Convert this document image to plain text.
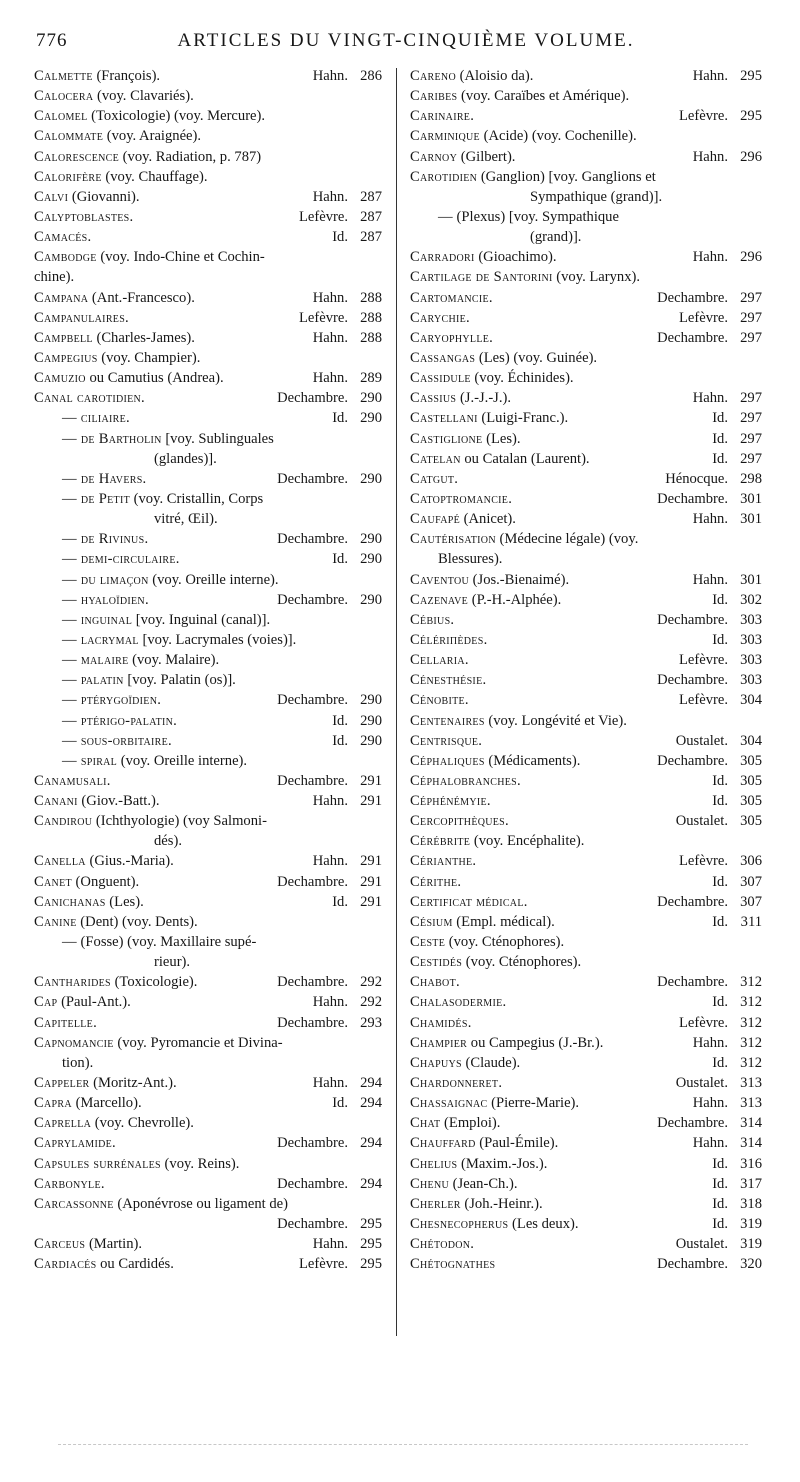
776	ARTICLES DU VINGT-CINQUIÈME VOLUME.
Calmette (François).	Hahn. 286
Calocera (voy. Clavariés).
Calomel (Toxicologie) (voy. Mercure).
Calommate (voy. Araignée).
Calorescence (voy. Radiation, p. 787)
Calorifère (voy. Chauffage).
Calvi (Giovanni).	Hahn. 287
Calyptoblastes.	Lefèvre. 287
Camacés.	Id. 287
Cambodge (voy. Indo-Chine et Cochin-
chine).
Campana (Ant.-Francesco).	Hahn. 288
Campanulaires.	Lefèvre. 288
Campbell (Charles-James).	Hahn. 288
Campegius (voy. Champier).
Camuzio ou Camutius (Andrea).	Hahn. 289
Canal carotidien.	Dechambre. 290
— ciliaire.	Id. 290
— de Bartholin [voy. Sublinguales
(glandes)].
— de Havers.	Dechambre. 290
— de Petit (voy. Cristallin, Corps
vitré, Œil).
— de Rivinus.	Dechambre. 290
— demi-circulaire.	Id. 290
— du limaçon (voy. Oreille interne).
— hyaloïdien.	Dechambre. 290
— inguinal [voy. Inguinal (canal)].
— lacrymal [voy. Lacrymales (voies)].
— malaire (voy. Malaire).
— palatin [voy. Palatin (os)].
— ptérygoïdien.	Dechambre. 290
— ptérigo-palatin.	Id. 290
— sous-orbitaire.	Id. 290
— spiral (voy. Oreille interne).
Canamusali.	Dechambre. 291
Canani (Giov.-Batt.).	Hahn. 291
Candirou (Ichthyologie) (voy Salmoni-
dés).
Canella (Gius.-Maria).	Hahn. 291
Canet (Onguent).	Dechambre. 291
Canichanas (Les).	Id. 291
Canine (Dent) (voy. Dents).
— (Fosse) (voy. Maxillaire supé-
rieur).
Cantharides (Toxicologie).	Dechambre. 292
Cap (Paul-Ant.).	Hahn. 292
Capitelle.	Dechambre. 293
Capnomancie (voy. Pyromancie et Divina-
tion).
Cappeler (Moritz-Ant.).	Hahn. 294
Capra (Marcello).	Id. 294
Caprella (voy. Chevrolle).
Caprylamide.	Dechambre. 294
Capsules surrénales (voy. Reins).
Carbonyle.	Dechambre. 294
Carcassonne (Aponévrose ou ligament de)
Dechambre. 295
Carceus (Martin).	Hahn. 295
Cardiacés ou Cardidés.	Lefèvre. 295
Careno (Aloisio da).	Hahn. 295
Caribes (voy. Caraïbes et Amérique).
Carinaire.	Lefèvre. 295
Carminique (Acide) (voy. Cochenille).
Carnoy (Gilbert).	Hahn. 296
Carotidien (Ganglion) [voy. Ganglions et
Sympathique (grand)].
— (Plexus) [voy. Sympathique
(grand)].
Carradori (Gioachimo).	Hahn. 296
Cartilage de Santorini (voy. Larynx).
Cartomancie.	Dechambre. 297
Carychie.	Lefèvre. 297
Caryophylle.	Dechambre. 297
Cassangas (Les) (voy. Guinée).
Cassidule (voy. Échinides).
Cassius (J.-J.-J.).	Hahn. 297
Castellani (Luigi-Franc.).	Id. 297
Castiglione (Les).	Id. 297
Catelan ou Catalan (Laurent).	Id. 297
Catgut.	Hénocque. 298
Catoptromancie.	Dechambre. 301
Caufapé (Anicet).	Hahn. 301
Cautérisation (Médecine légale) (voy.
Blessures).
Caventou (Jos.-Bienaimé).	Hahn. 301
Cazenave (P.-H.-Alphée).	Id. 302
Cébius.	Dechambre. 303
Célériпèdes.	Id. 303
Cellaria.	Lefèvre. 303
Cénesthésie.	Dechambre. 303
Cénobite.	Lefèvre. 304
Centenaires (voy. Longévité et Vie).
Centrisque.	Oustalet. 304
Céphaliques (Médicaments).	Dechambre. 305
Céphalobranches.	Id. 305
Céphénémyie.	Id. 305
Cercopithèques.	Oustalet. 305
Cérébrite (voy. Encéphalite).
Cérianthe.	Lefèvre. 306
Cérithe.	Id. 307
Certificat médical.	Dechambre. 307
Césium (Empl. médical).	Id. 311
Ceste (voy. Cténophores).
Cestidés (voy. Cténophores).
Chabot.	Dechambre. 312
Chalasodermie.	Id. 312
Chamidés.	Lefèvre. 312
Champier ou Campegius (J.-Br.).	Hahn. 312
Chapuys (Claude).	Id. 312
Chardonneret.	Oustalet. 313
Chassaignac (Pierre-Marie).	Hahn. 313
Chat (Emploi).	Dechambre. 314
Chauffard (Paul-Émile).	Hahn. 314
Chelius (Maxim.-Jos.).	Id. 316
Chenu (Jean-Ch.).	Id. 317
Cherler (Joh.-Heinr.).	Id. 318
Chesnecopherus (Les deux).	Id. 319
Chétodon.	Oustalet. 319
Chétognathes	Dechambre. 320
